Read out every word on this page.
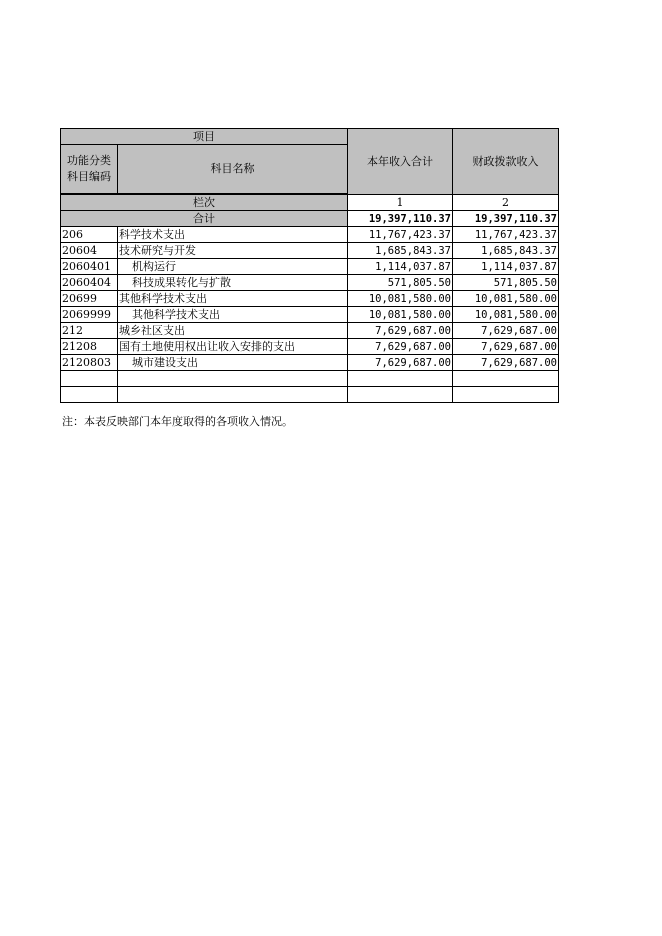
项目		本年收入合计	财政拨款收入

功能分类
科目编码	科目名称		

栏次		1	2
合计		19,397,110.37	19,397,110.37
206	科学技术支出	11,767,423.37	11,767,423.37
20604	技术研究与开发	1,685,843.37	1,685,843.37
2060401	机构运行	1,114,037.87	1,114,037.87
2060404	科技成果转化与扩散	571,805.50	571,805.50
20699	其他科学技术支出	10,081,580.00	10,081,580.00
2069999	其他科学技术支出	10,081,580.00	10,081,580.00
212	城乡社区支出	7,629,687.00	7,629,687.00
21208	国有土地使用权出让收入安排的支出	7,629,687.00	7,629,687.00
2120803	城市建设支出	7,629,687.00	7,629,687.00

注：本表反映部门本年度取得的各项收入情况。
